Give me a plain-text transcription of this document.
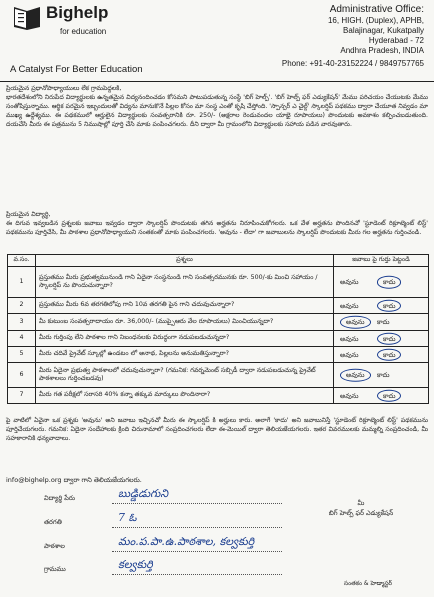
Bighelp
for education
A Catalyst For Better Education
Administrative Office:
16, HIGH. (Duplex), APHB,
Balajinagar, Kukatpally
Hyderabad - 72
Andhra Pradesh, INDIA
Phone: +91-40-23152224 / 9849757765
ప్రియమైన ప్రధానోపాధ్యాయులు లేక గ్రామపెద్దలకి,
భారతదేశంలోని నిరుపేద విద్యార్థులకు ఉన్నతమైన విద్యనందించడం కోసమని పాటుపడుతున్న సంస్థే 'బిగ్ హెల్ప్'. 'బిగ్ హెల్ప్ ఫర్ ఎడ్యుకేషన్' మేము పరిచయం చేయుటకు మేము సంతోషిస్తున్నాము. ఆర్థిక పరమైన ఇబ్బందులతో విద్యను మానుకొనే పిల్లల కోసం మా సంస్థ ఎంతో కృషి చేస్తోంది. 'స్పాన్సర్ ఎ చైల్డ్' స్కాలర్షిప్ పథకము ద్వారా చేయూత నివ్వడం మా ముఖ్య ఉద్దేశ్యము. ఈ పథకములో ఆర్హులైన విద్యార్థులకు సంవత్సరానికి రూ. 250/- (అక్షరాల రెండువందల యాభై రూపాయలు) పొందుటకు అవకాశం కల్పించబడుతుంది. దయచేసి మీరు ఈ పత్రమును 5 నిముషాల్లో పూర్తి చేసి మాకు పంపించగలరు. దీని ద్వారా మీ గ్రామంలోని విద్యార్థులకు సహాయ పడిన వారవుతారు.
ప్రియమైన విద్యార్థి,
ఈ దిగువ ఇవ్వబడిన ప్రశ్నలకు జవాబు ఇవ్వడం ద్వారా స్కాలర్షిప్ పొందుటకు తగిన అర్హతను నిరూపించుకోగలరు. ఒక వేళ అర్హతను పొందినచో 'స్టూడెంట్ రిక్రూట్మెంట్ లిస్ట్' పథకమును పూర్తిచేసి, మీ పాఠశాల ప్రధానోపాధ్యాయుని సంతకంతో మాకు పంపించగలరు. 'అవును - లేదా' గా జవాబులను స్కాలర్షిప్ పొందుటకు మీరు గల అర్హతను గుర్తించండి.
వ.సం.	ప్రశ్నలు	జవాబు పై గుర్తు పెట్టండి
1	ప్రస్తుతము మీరు ప్రభుత్వమునుండి గాని ఏదైనా సంస్థనుండి గాని సంవత్సరమునకు రూ. 500/-కు మించి సహాయం / స్కాలర్షిప్ ను పొందుచున్నారా?	అవును కాదు

2	ప్రస్తుతము మీరు 6వ తరగతిలోపు గాని 10వ తరగతి పైన గాని చదువుచున్నారా?	అవును కాదు

3	మీ కుటుంబ సంవత్సరాదాయం రూ. 36,000/- (ముప్పైఆరు వేల రూపాయలు) మించియున్నదా?	అవును కాదు

4	మీరు గుర్తింపు లేని పాఠశాల గాని నిబంధనలకు విరుద్ధంగా నడుపబడుచున్నదా?	అవును కాదు

5	మీరు చదివే ప్రైవేట్ స్కూల్లో ఉండటం లో అనాథ, పిల్లలను అనుమతిస్తున్నారా?	అవును కాదు

6	మీరు ఏదైనా ప్రభుత్వ పాఠశాలలో చదువుచున్నారా? (గమనిక: గవర్నమెంట్ సబ్సిడీ ద్వారా నడుపబడుచున్న ప్రైవేట్ పాఠశాలలు గుర్తించబడవు)	అవును కాదు

7	మీరు గత పరీక్షలో సరాసరి 40% కన్నా తక్కువ మార్కులు పొందినారా?	అవును కాదు
పై వాటిలో ఏవైనా ఒక ప్రశ్నకు 'అవును' అని జవాబు ఇచ్చినచో మీరు ఈ స్కాలర్షిప్ కి అర్హులు కారు. అలాగే 'కాదు' అని జవాబునిస్తే 'స్టూడెంట్ రిక్రూట్మెంట్ లిస్ట్' పథకమును పూర్తిచేయగలరు. గమనిక: ఏదైనా సందేహాలకు క్రింది చిరునామాలో సంప్రదించగలరు లేదా ఈ-మెయిల్ ద్వారా తెలియజేయగలరు. ఇతర వివరములకు మమ్మల్ని సంప్రదించండి, మీ సహకారానికి ధన్యవాదాలు.
info@bighelp.org ద్వారా గాని తెలియజేయగలరు.
విద్యార్థి పేరు	బుడ్డిడుగుని
తరగతి	7 ఓ
పాఠశాల	మం.ప.పా.ఉ.పాఠశాల, కల్వకుర్తి
గ్రామము	కల్వకుర్తి
మీ
బిగ్ హెల్ప్ ఫర్ ఎడ్యుకేషన్
సంతకం & హెడ్మాస్టర్
